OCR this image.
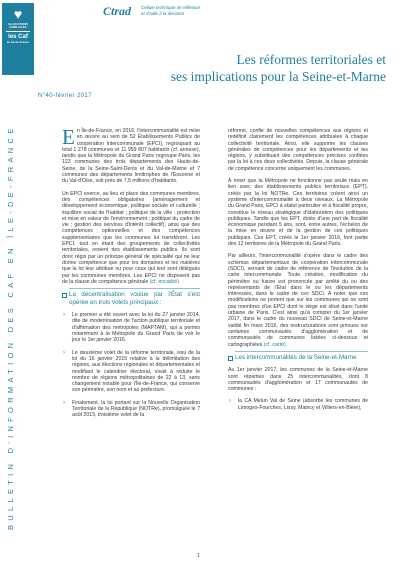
♥
ALLOCATIONS
FAMILIALES
les Caf
en Ile-de-France
BULLETIN D'INFORMATION DES CAF EN ÎLE-DE-FRANCE
Ctrad Cellule technique de réflexion
et d'aide à la décision
Les réformes territoriales et
ses implications pour la Seine-et-Marne
N°40-février 2017

En Île-de-France, en 2016, l'intercommunalité est mise en œuvre au sein de 52 Établissements Publics de coopération intercommunale (EPCI), regroupant au total 1 278 communes et 11 959 807 habitants (cf. annexe), tandis que la Métropole du Grand Paris regroupe Paris, les 123 communes des trois départements des Hauts-de-Seine, de la Seine-Saint-Denis et du Val-de-Marne et 7 communes des départements limitrophes de l'Essonne et du Val-d'Oise, soit près de 7,5 millions d'habitants.

Un EPCI exerce, au lieu et place des communes membres, des compétences obligatoires (aménagement et développement économique, politique sociale et culturelle ; équilibre social de l'habitat ; politique de la ville ; protection et mise en valeur de l'environnement ; politique du cadre de vie ; gestion des services d'intérêt collectif), ainsi que des compétences optionnelles et des compétences supplémentaires que les communes lui transfèrent. Les EPCI, tout en étant des groupements de collectivités territoriales, restent des établissements publics. Ils sont donc régis par un principe général de spécialité qui ne leur donne compétence que pour les domaines et les matières que la loi leur attribue ou pour ceux qui leur sont délégués par les communes membres. Les EPCI ne disposent pas de la clause de compétence générale (cf. encadré).

La décentralisation voulue par l'État s'est opérée en trois volets principaux :

› Le premier a été ouvert avec la loi du 27 janvier 2014, dite de modernisation de l'action publique territoriale et d'affirmation des métropoles (MAPTAM), qui a permis notamment à la Métropole du Grand Paris de voir le jour le 1er janvier 2016.

› Le deuxième volet de la réforme territoriale, issu de la loi du 16 janvier 2015 relative à la délimitation des régions, aux élections régionales et départementales et modifiant le calendrier électoral, visait à réduire le nombre de régions métropolitaines de 22 à 13, sans changement notable pour l'Île-de-France, qui conserve son périmètre, son nom et sa préfecture.

› Finalement, la loi portant sur la Nouvelle Organisation Territoriale de la République (NOTRe), promulguée le 7 août 2015, troisième volet de la

réforme, confie de nouvelles compétences aux régions et redéfinit clairement les compétences attribuées à chaque collectivité territoriale. Ainsi, elle supprime les clauses générales de compétences pour les départements et les régions, y substituant des compétences précises confiées par la loi à ces deux collectivités. Depuis, la clause générale de compétence concerne uniquement les communes.

À noter que la Métropole ne fonctionne pas seule mais en lien avec des établissements publics territoriaux (EPT), créés par la loi NOTRe. Ces territoires créent ainsi un système d'intercommunalité à deux niveaux. La Métropole du Grand Paris, EPCI à statut particulier et à fiscalité propre, constitue le niveau stratégique d'élaboration des politiques publiques. Tandis que les EPT, dotés d'une part de fiscalité économique pendant 5 ans, sont, entre autres, l'échelon de la mise en œuvre et de la gestion de ces politiques publiques. Ces EPT, créés le 1er janvier 2016, font partie des 12 territoires de la Métropole du Grand Paris.

Par ailleurs, l'intercommunalité s'opère dans le cadre des schémas départementaux de coopération intercommunale (SDCI), servant de cadre de référence de l'évolution de la carte intercommunale. Toute création, modification du périmètre ou fusion est prononcée par arrêté du ou des représentants de l'État dans le ou les départements intéressés, dans le cadre de ces SDCI. À noter que ces modifications ne portent que sur les communes qui ne sont pas membres d'un EPCI dont le siège est situé dans l'unité urbaine de Paris. C'est ainsi qu'à compter du 1er janvier 2017, dans le cadre du nouveau SDCI de Seine-et-Marne validé fin mars 2016, des restructurations sont prévues sur certaines communautés d'agglomération et de communautés de communes listées ci-dessous et cartographiées (cf. carte).

Les intercommunalités de la Seine-et-Marne

Au 1er janvier 2017, les communes de la Seine-et-Marne sont réparties dans 25 intercommunalités, dont 8 communautés d'agglomération et 17 communautés de communes :

› la CA Melun Val de Seine (absorbe les communes de Limoges-Fourches, Lissy, Maincy et Villiers-en-Bière),

1
